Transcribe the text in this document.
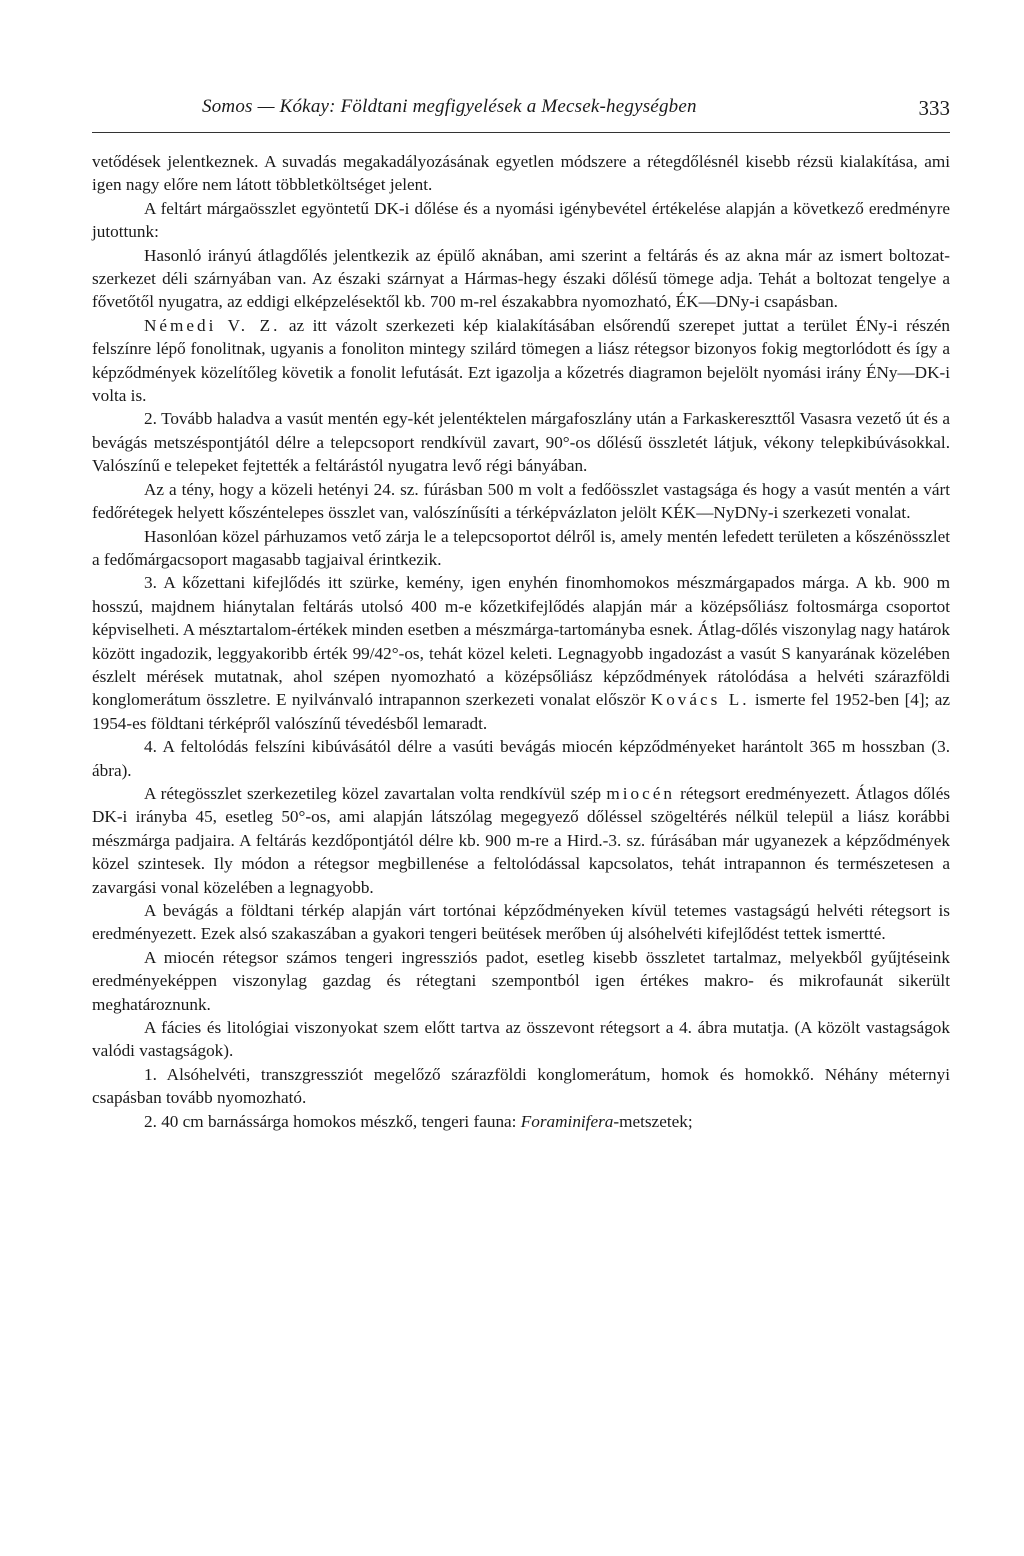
Somos — Kókay: Földtani megfigyelések a Mecsek-hegységben	333

vetődések jelentkeznek. A suvadás megakadályozásának egyetlen módszere a rétegdőlésnél kisebb rézsü kialakítása, ami igen nagy előre nem látott többletköltséget jelent.

A feltárt márgaösszlet egyöntetű DK-i dőlése és a nyomási igénybevétel értékelése alapján a következő eredményre jutottunk:

Hasonló irányú átlagdőlés jelentkezik az épülő aknában, ami szerint a feltárás és az akna már az ismert boltozat-szerkezet déli szárnyában van. Az északi szárnyat a Hármas-hegy északi dőlésű tömege adja. Tehát a boltozat tengelye a fővetőtől nyugatra, az eddigi elképzelésektől kb. 700 m-rel északabbra nyomozható, ÉK—DNy-i csapásban.

Némedi V. Z. az itt vázolt szerkezeti kép kialakításában elsőrendű szerepet juttat a terület ÉNy-i részén felszínre lépő fonolitnak, ugyanis a fonoliton mintegy szilárd tömegen a liász rétegsor bizonyos fokig megtorlódott és így a képződmények közelítőleg követik a fonolit lefutását. Ezt igazolja a kőzetrés diagramon bejelölt nyomási irány ÉNy—DK-i volta is.

2. Tovább haladva a vasút mentén egy-két jelentéktelen márgafoszlány után a Farkaskereszttől Vasasra vezető út és a bevágás metszéspontjától délre a telepcsoport rendkívül zavart, 90°-os dőlésű összletét látjuk, vékony telepkibúvásokkal. Valószínű e telepeket fejtették a feltárástól nyugatra levő régi bányában.

Az a tény, hogy a közeli hetényi 24. sz. fúrásban 500 m volt a fedőösszlet vastagsága és hogy a vasút mentén a várt fedőrétegek helyett kőszéntelepes összlet van, valószínűsíti a térképvázlaton jelölt KÉK—NyDNy-i szerkezeti vonalat.

Hasonlóan közel párhuzamos vető zárja le a telepcsoportot délről is, amely mentén lefedett területen a kőszénösszlet a fedőmárgacsoport magasabb tagjaival érintkezik.

3. A kőzettani kifejlődés itt szürke, kemény, igen enyhén finomhomokos mészmárgapados márga. A kb. 900 m hosszú, majdnem hiánytalan feltárás utolsó 400 m-e kőzetkifejlődés alapján már a középsőliász foltosmárga csoportot képviselheti. A mésztartalom-értékek minden esetben a mészmárga-tartományba esnek. Átlag-dőlés viszonylag nagy határok között ingadozik, leggyakoribb érték 99/42°-os, tehát közel keleti. Legnagyobb ingadozást a vasút S kanyarának közelében észlelt mérések mutatnak, ahol szépen nyomozható a középsőliász képződmények rátolódása a helvéti szárazföldi konglomerátum összletre. E nyilvánvaló intrapannon szerkezeti vonalat először Kovács L. ismerte fel 1952-ben [4]; az 1954-es földtani térképről valószínű tévedésből lemaradt.

4. A feltolódás felszíni kibúvásától délre a vasúti bevágás miocén képződményeket harántolt 365 m hosszban (3. ábra).

A rétegösszlet szerkezetileg közel zavartalan volta rendkívül szép miocén rétegsort eredményezett. Átlagos dőlés DK-i irányba 45, esetleg 50°-os, ami alapján látszólag megegyező dőléssel szögeltérés nélkül települ a liász korábbi mészmárga padjaira. A feltárás kezdőpontjától délre kb. 900 m-re a Hird.-3. sz. fúrásában már ugyanezek a képződmények közel szintesek. Ily módon a rétegsor megbillenése a feltolódással kapcsolatos, tehát intrapannon és természetesen a zavargási vonal közelében a legnagyobb.

A bevágás a földtani térkép alapján várt tortónai képződményeken kívül tetemes vastagságú helvéti rétegsort is eredményezett. Ezek alsó szakaszában a gyakori tengeri beütések merőben új alsóhelvéti kifejlődést tettek ismertté.

A miocén rétegsor számos tengeri ingressziós padot, esetleg kisebb összletet tartalmaz, melyekből gyűjtéseink eredményeképpen viszonylag gazdag és rétegtani szempontból igen értékes makro- és mikrofaunát sikerült meghatároznunk.

A fácies és litológiai viszonyokat szem előtt tartva az összevont rétegsort a 4. ábra mutatja. (A közölt vastagságok valódi vastagságok).

1. Alsóhelvéti, transzgressziót megelőző szárazföldi konglomerátum, homok és homokkő. Néhány méternyi csapásban tovább nyomozható.

2. 40 cm barnássárga homokos mészkő, tengeri fauna: Foraminifera-metszetek;
